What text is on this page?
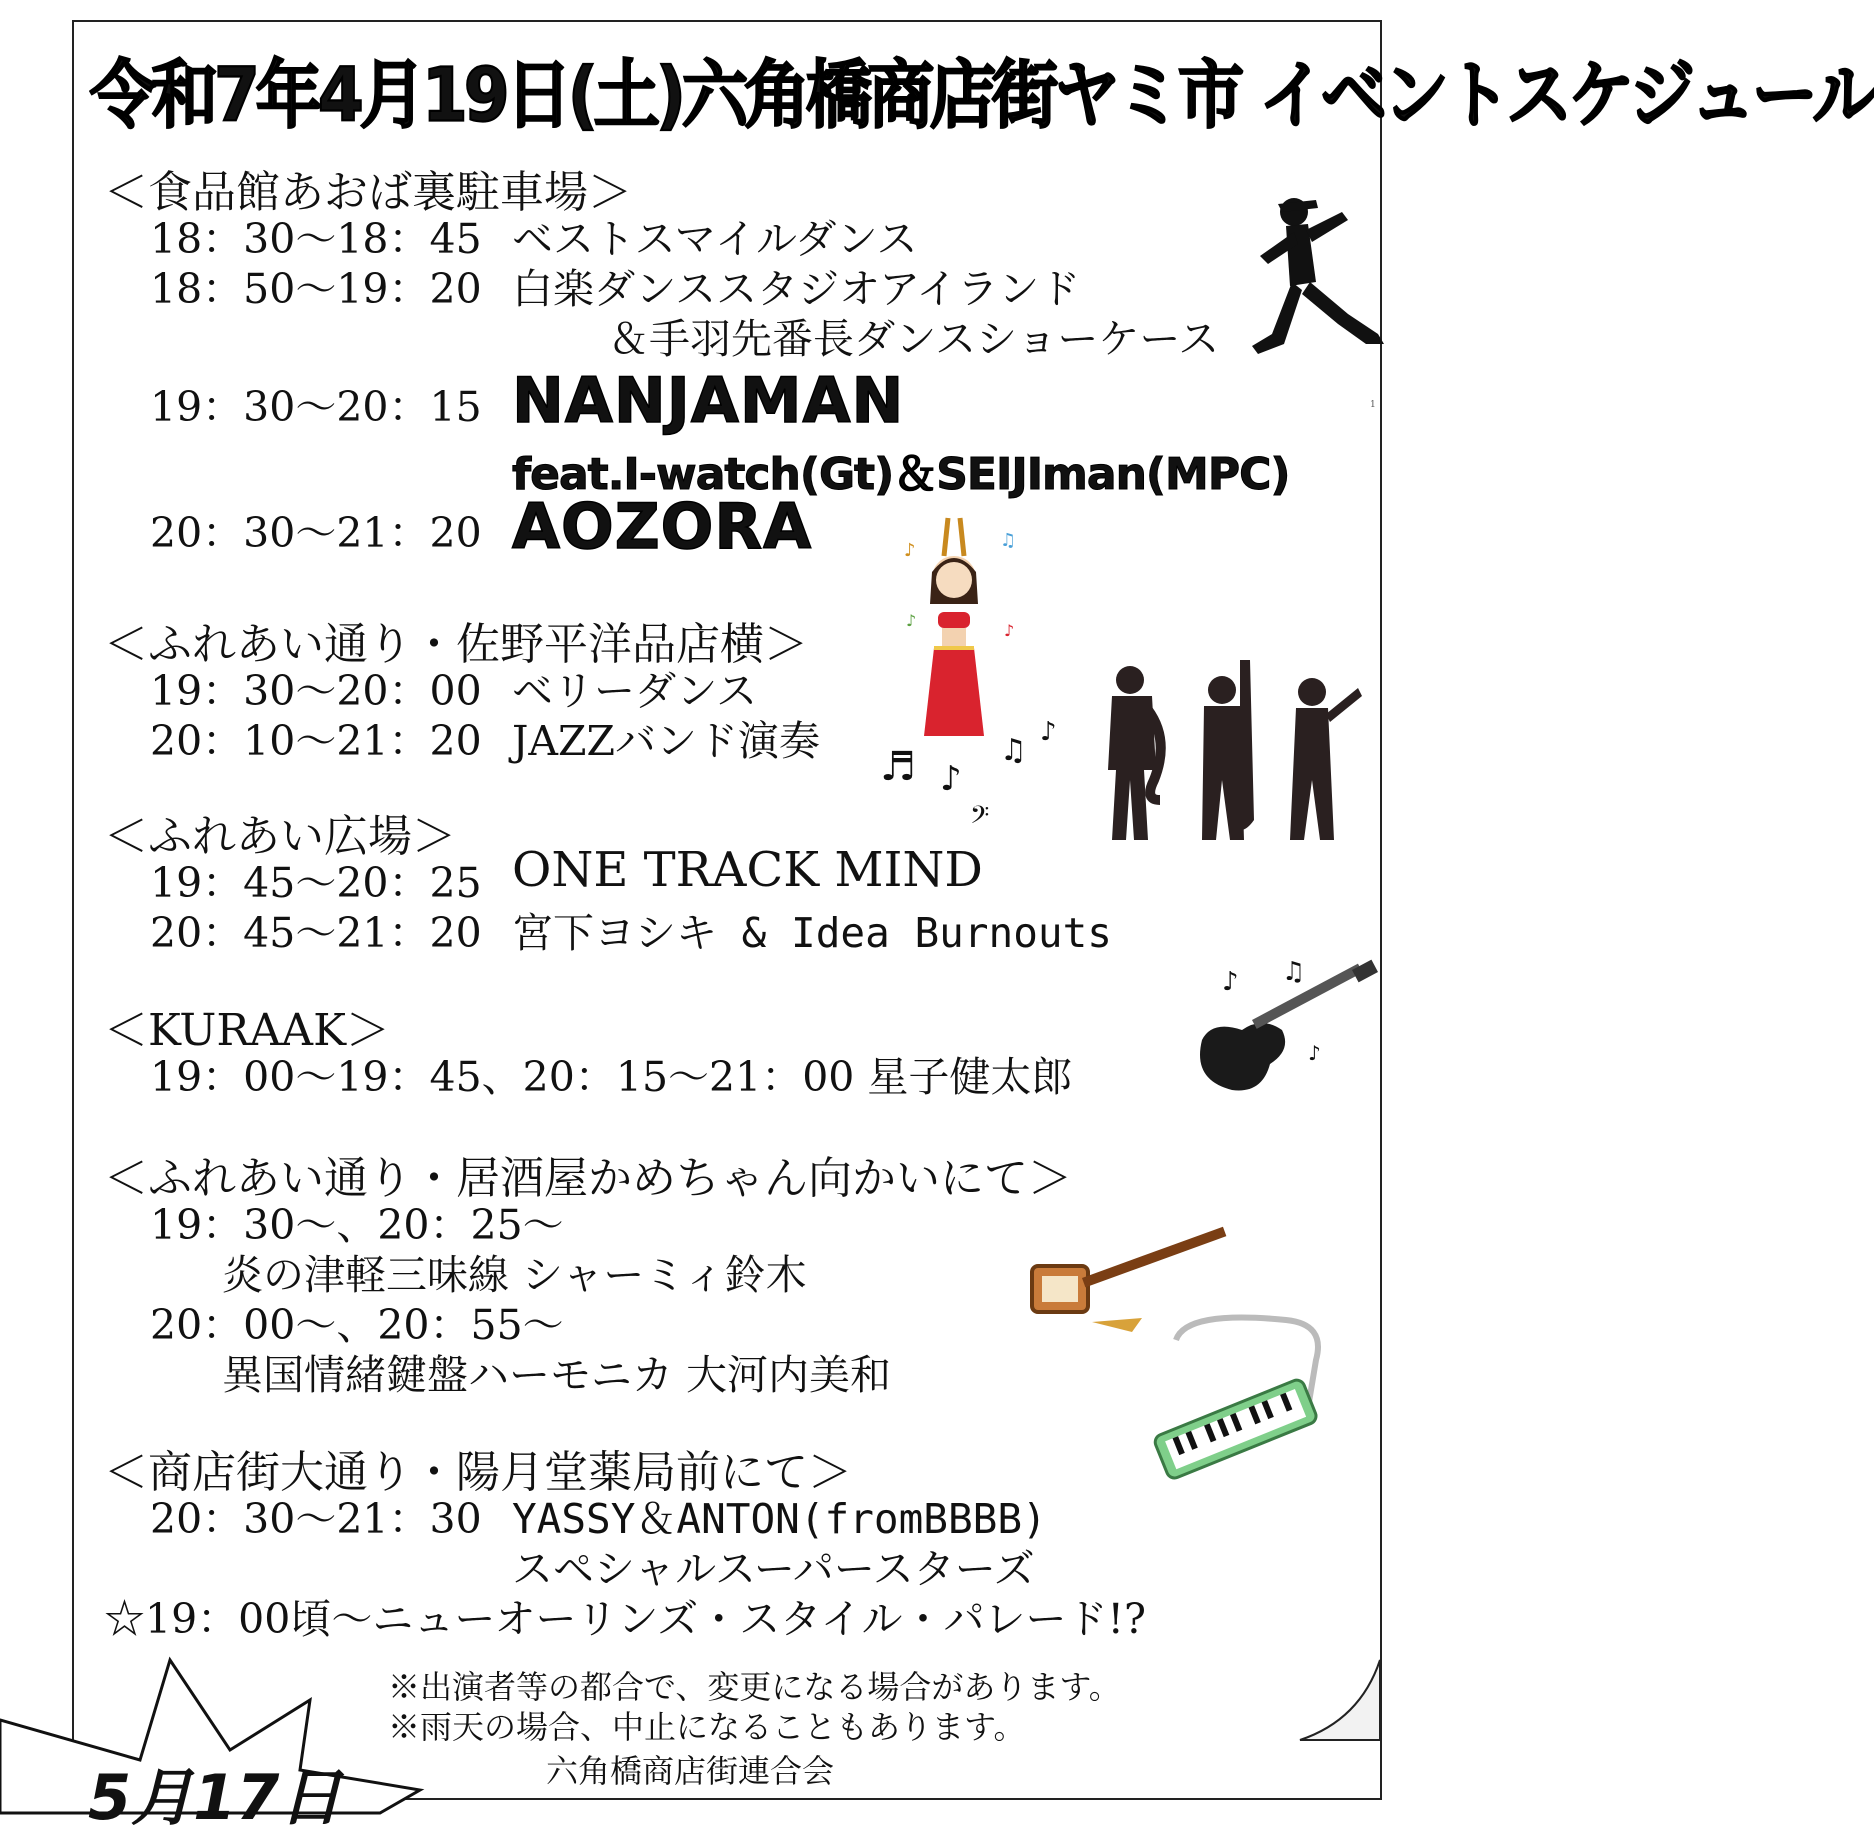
令和7年4月19日(土)六角橋商店街ヤミ市 イベントスケジュール
＜食品館あおば裏駐車場＞
18：30〜18：45 ベストスマイルダンス
18：50〜19：20 白楽ダンススタジオアイランド
＆手羽先番長ダンスショーケース
19：30〜20：15 NANJAMAN
feat.I-watch(Gt)＆SEIJIman(MPC)
20：30〜21：20 AOZORA
1
＜ふれあい通り・佐野平洋品店横＞
19：30〜20：00 ベリーダンス
20：10〜21：20 JAZZバンド演奏
＜ふれあい広場＞
19：45〜20：25 ONE TRACK MIND
20：45〜21：20 宮下ヨシキ & Idea Burnouts
＜KURAAK＞
19：00〜19：45、20：15〜21：00 星子健太郎
＜ふれあい通り・居酒屋かめちゃん向かいにて＞
19：30〜、20：25〜
炎の津軽三味線 シャーミィ鈴木
20：00〜、20：55〜
異国情緒鍵盤ハーモニカ 大河内美和
＜商店街大通り・陽月堂薬局前にて＞
20：30〜21：30 YASSY＆ANTON(fromBBBB)
スペシャルスーパースターズ
☆19：00頃〜ニューオーリンズ・スタイル・パレード!?
※出演者等の都合で、変更になる場合があります。
※雨天の場合、中止になることもあります。
六角橋商店街連合会
♪	♫
♪
♪
♬ ♪
♫
♪
𝄢
♪ ♫
♪
5月17日
